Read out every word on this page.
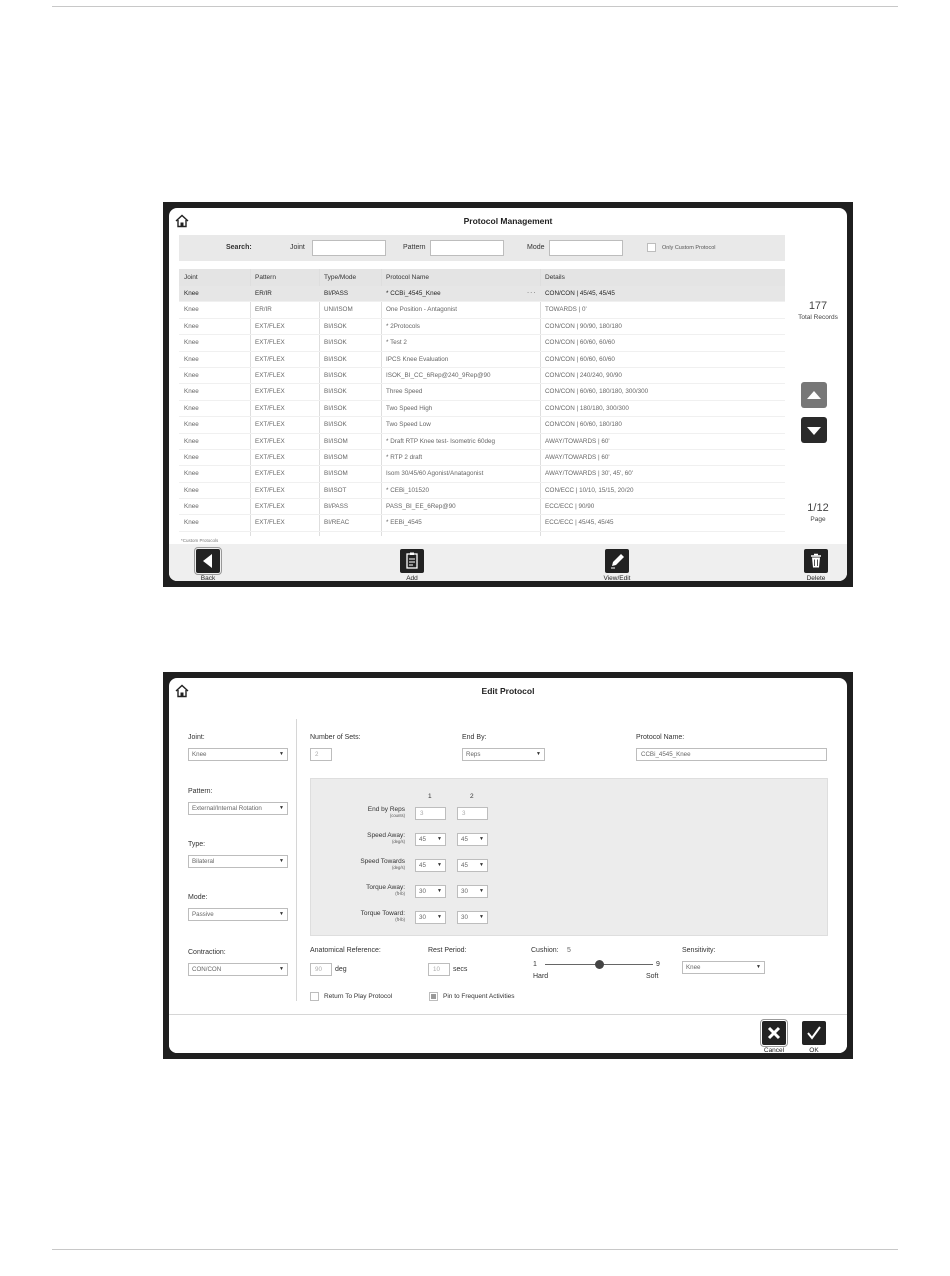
Protocol Management
Search:	Joint	Pattern	Mode	Only Custom Protocol
Joint	Pattern	Type/Mode	Protocol Name	Details
Knee	ER/IR	BI/PASS	* CCBi_4545_Knee	CON/CON | 45/45, 45/45
···
Knee	ER/IR	UNI/ISOM	One Position - Antagonist	TOWARDS | 0'
Knee	EXT/FLEX	BI/ISOK	* 2Protocols	CON/CON | 90/90, 180/180
Knee	EXT/FLEX	BI/ISOK	* Test 2	CON/CON | 60/60, 60/60
Knee	EXT/FLEX	BI/ISOK	IPCS Knee Evaluation	CON/CON | 60/60, 60/60
Knee	EXT/FLEX	BI/ISOK	ISOK_BI_CC_6Rep@240_9Rep@90	CON/CON | 240/240, 90/90
Knee	EXT/FLEX	BI/ISOK	Three Speed	CON/CON | 60/60, 180/180, 300/300
Knee	EXT/FLEX	BI/ISOK	Two Speed High	CON/CON | 180/180, 300/300
Knee	EXT/FLEX	BI/ISOK	Two Speed Low	CON/CON | 60/60, 180/180
Knee	EXT/FLEX	BI/ISOM	* Draft RTP Knee test- Isometric 60deg	AWAY/TOWARDS | 60'
Knee	EXT/FLEX	BI/ISOM	* RTP 2 draft	AWAY/TOWARDS | 60'
Knee	EXT/FLEX	BI/ISOM	Isom 30/45/60 Agonist/Anatagonist	AWAY/TOWARDS | 30', 45', 60'
Knee	EXT/FLEX	BI/ISOT	* CEBi_101520	CON/ECC | 10/10, 15/15, 20/20
Knee	EXT/FLEX	BI/PASS	PASS_BI_EE_6Rep@90	ECC/ECC | 90/90
Knee	EXT/FLEX	BI/REAC	* EEBi_4545	ECC/ECC | 45/45, 45/45
*Custom Protocols
177
Total Records
1/12
Page
Back	Add	View/Edit	Delete
Edit Protocol
Joint:
Knee	▼
Pattern:
External/Internal Rotation	▼
Type:
Bilateral	▼
Mode:
Passive	▼
Contraction:
CON/CON	▼
Number of Sets:
2
End By:
Reps	▼
Protocol Name:
CCBi_4545_Knee
1	2
End by Reps
(counts)	3	3
Speed Away:
(deg/s)	45 ▼	45 ▼
Speed Towards
(deg/s)	45 ▼	45 ▼
Torque Away:
(ft-lb)	30 ▼	30 ▼
Torque Toward:
(ft-lb)	30 ▼	30 ▼
Anatomical Reference:
90	deg
Rest Period:
10	secs
Cushion: 5
1	9
Hard	Soft
Sensitivity:
Knee	▼
Return To Play Protocol	Pin to Frequent Activities
Cancel	OK
